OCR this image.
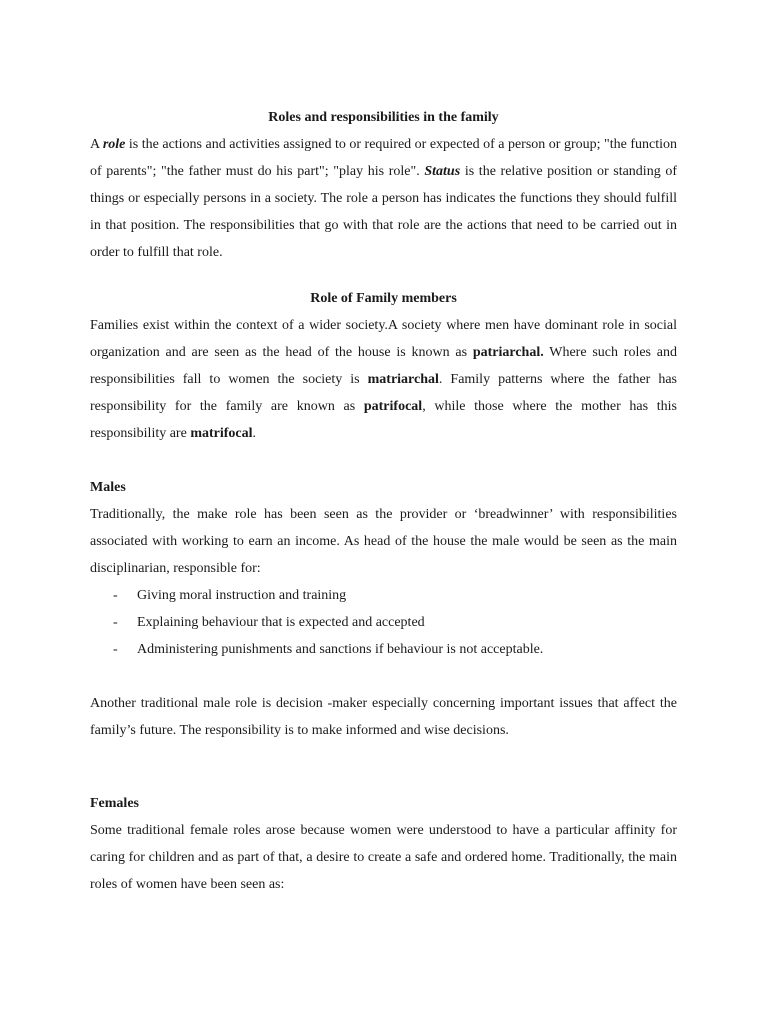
Roles and responsibilities in the family

A role is the actions and activities assigned to or required or expected of a person or group; "the function of parents"; "the father must do his part"; "play his role". Status is the relative position or standing of things or especially persons in a society. The role a person has indicates the functions they should fulfill in that position. The responsibilities that go with that role are the actions that need to be carried out in order to fulfill that role.

Role of Family members

Families exist within the context of a wider society.A society where men have dominant role in social organization and are seen as the head of the house is known as patriarchal. Where such roles and responsibilities fall to women the society is matriarchal. Family patterns where the father has responsibility for the family are known as patrifocal, while those where the mother has this responsibility are matrifocal.

Males

Traditionally, the make role has been seen as the provider or ‘breadwinner’ with responsibilities associated with working to earn an income. As head of the house the male would be seen as the main disciplinarian, responsible for:

- Giving moral instruction and training
- Explaining behaviour that is expected and accepted
- Administering punishments and sanctions if behaviour is not acceptable.

Another traditional male role is decision -maker especially concerning important issues that affect the family’s future. The responsibility is to make informed and wise decisions.

Females

Some traditional female roles arose because women were understood to have a particular affinity for caring for children and as part of that, a desire to create a safe and ordered home. Traditionally, the main roles of women have been seen as:
